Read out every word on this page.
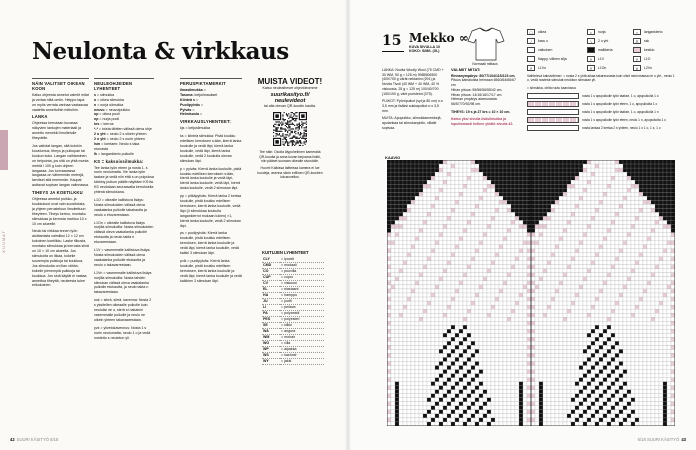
KUUMAT
Neulonta & virkkaus
NÄIN VALITSET OIKEAN KOON

Katso ohjeesta annetut valmiit mitat ja vertaa niitä omiin. Helppo tapa on myös verrata vanhaa vastaavaa vaatetta annettuihin mittoihin.

LANKA

Ohjeessa kerrotaan kuvassa näkyvien lankojen materiaali ja annettu menekki ilmoitetulle tiheydelle.

Jos vaihdat langan, sitä kuinkin koostumus, tiheys ja pulkupan tai koukun koko. Langan vaihtaminen on helpointa, jos sitä on yhtä monta metriä / 100 g kuin ohjeen langassa. Jos korvaavassa langassa on vähemmän metrejä, tarvitset sitä enemmän. Kaupat auttavat sopivan langan valinnassa.

TIHEYS JA KOETILKKU

Ohjeessa annetut puikko- ja koukkukoot ovat vain suosituksia, ja yhjeen perusteluun ilmoitettuun tiheyteen. Tiheys kertoo, montako silmukkaa ja kerrosta mahtuu 10 x 10 cm alueelle.

Neulo tai virkkaa ennen työn aloittamista valmiiksi 12 × 12 cm kokoinen koetilkku. Laske tilkusta, montako silmukkaa ja kerrosta siinä on 10 × 10 cm alueella. Jos silmukoita on liikaa, kokeile suurempia puikkoja tai koukkua. Jos silmukoita on liian vähän, kokeile pienempiä puikkoja tai koukkua. Jos sinä käytät ei vastaa annettua tiheyttä, neuleesta tulee erikokoinen.

NEULEOHJEIDEN LYHENTEET
s = silmukka
o = oikea silmukka
n = nurja silmukka
neuvo = neuvotpuikko
op = oikea puoli
np = nurja puoli
krs = kerros
*-* = toista tähtien välissä oleva ohje
2 o yht = neulo 2 s oikein yhteen
2 n yht = neulo 2 s nurin yhteen
lsm = loertaen: Neulo s taka reunasta

lk = langankierto puikolle

KS = kaksoissilmukka:

Tee lanka työn eteen ja nosta 1. s nurin neulomatta. Vie lanka työn taakse ja vedä niin että s on pulpuksa kärkiny puikon päälle näyttäen KS:lta. KS neulotaan seuraavalla kerroksella yhtenä silmukkana.

L1O = oikealle kallistuva lisäys: Nosta silmukoiden välissä oleva vaakalanka puikolle takakautta ja neulo o etuvarrestaan.

L1On = oikealle kallistuva lisäys nurjilla silmukoilla: Nosta silmukoiden välissä oleva vaakalanka puikolle etukautta ja neulo takta n etuvarrestaan.

L1V = vasemmalle kallistuva lisäys: Nosta silmukoiden välissä oleva vaakalanka puikolle etukautta ja neulo o takavarrestaan.

L1Vn = vasemmalle kallistuva lisäys nurjilla silmukoilla: Nosta tahdén silmukan välissä oleva vaakalanka puikolle etukautta, ja neulo takta n takavarrestaan.

sok = siirrä, siirrä, kavenna: Nosta 2 s yksitellen oikeaalle puikolle kuin neululisi ne o, siirrä s:t takaisin vasemmalle puikolle ja neulo ne oikein yhteen takavaarestaan.

yvk = ylivetokavennus: Nosta 1 s nurin neulomatta, neulo 1 o ja vedä nostettu s neulotun yli.

PERUSPIKTAMERKIT
Ilmasilmukka =
Tasona: ketjuilmaukset
Kiinteä s =
Puolipylväs =
Pylväs =

Helmisusla =

VIRKKAUSLYHENTEET:

kjs = ketjusilmukka

ks = kiinteä silmukka: Pistä koukku edellisen kerroksen s:ään, kierrä lanka koukulle ja vedä läpi, kierrä lanka koukulle, vedä läpi, kierrä lanka koukulle, vedä 2 koukulla olevan silmukan läpi.

p = pylväs: Kierrä lanka koukulle, pistä koukku edellisen kerroksen s:ään, kierrä lanka koukulle ja vedä läpi, kierrä lanka koukulle, vedä läpi, kierrä lanka koukulle, vedä 2 silmukan läpi.

pp = pitkäpylväs: Kierrä lanka 2 kertaa koukulle, pistä koukku edellisen kerroksen, kierrä lanka koukulle, vedä läpi (4 silmukkaa koukulla langankierrot mukaan lukien) ×1, kierrä lanka koukulle, vedä 2 silmukan läpi.

ps = puolipylväs: Kierrä lanka koukulle, pistä koukku edellisen kerroksen, kierrä lanka koukulle ja vedä läpi, kierrä lanka koukulle, vedä kaikki 3 silmukan läpi.

pvlk = puolipylväs: Kierrä lanka koukulle, pistä koukku edellisen kerroksen, kierrä lanka koukulle ja vedä läpi, kierrä lanka koukulle ja vedä kaikkien 3 silmukan läpi.

MUISTA VIDEOT!
Katso neuleaiheset ohjevideomme
suurikasityo.fi/ neulevideot
tai alla olevan QR-koodin kautta.
Tee näin: Osoita älypuhelimen kameralla QR-koodia ja anna kuvan tarjoama linkki, niin pääset suoraan oikealle sivustolle.
Huom! Kaikissa laitteissa kamera ei lue koodeja, asenna siloin erillinen QR-koodien lukusovellus.
KUITUJEN LYHENTEET
CLY	= lyocell
CMD	= modaali
CO	= puuvilla
CUP	= cupro
CV	= viskoosi
EL	= elastaani
HA	= hamppu
JU	= juutti
LI	= pellava
PA	= polyamidi
PES	= polyesteri
SE	= silkki
WA	= angora
WM	= mohair
WO	= villa
WP	= alpakka
WS	= kashmir
WY	= jakki
42 SUURI KÄSITYÖ 6/18
15 Mekko ∞
KUVA SIVULLA 10
KOKO: S/M/L (XL)
Normaali mittaus

LANKA: Novita Woolly Wool (75 CMD + 30 WM, 50 g = 125 m) 9985506500 (400/700 g värät nektariini (291) ja Novita Tivoli (40 WM + 40 WM, 40 % viskoosia, 25 g = 125 m) 100/40/700 (150/190 g, värit puristetut (375).

PUIKOT: Pyöröpuikot (syt ja 80 cm) n:o 3,5 mm ja lisäksi sukkapuikot n:o 3,5 mm.

MUITA: Apupuikko, silmukkamerkkejä, apulankaa tai silmukanpidin, villalle sopivaa.

VALMIIT MITAT:
Rinnanympärys: 80/77/104/115/123 cm.
Pituus kainaloista helmaan 6560/64/66/67 cm
Hihan pituus: 55/56/56/55/42 cm.
Hihan pituus: 14/16/16/17/17 cm.

Helman ympärys alareunasta: 56/57/70/92/98 cm.

TIHEYS: 19 s ja 27 krs = 10 × 10 cm.

Katso yksi sivulla lisäsilmukka ja loputtomasti hetken yhtälö sivulla 42.

□	oikea	•	nurja	○	langankierto
/	kavu o	\	2 o yht	⋀	ssk
valkoinen	mallikerta	kesikio
Nappy, villinen silja	Y	L1V	Y	L1O
Y	L1Vn	Y	L1On	V	L2Vn
Vaihteleva kaksivärinen: = nosta 2 s yhtä aikaa takareunasta kuin olisit neulomassa ne o yht., neulo 1 o, vedä nostetut silmukat neulotun silmukan yli.
= silmukka, ohita ruutu kaaviossa
nosta 1 s apupuikolle työn taakse, 1 o, apupuikolla 1 o
nosta 1 s apupuikolle työn eteen, 1 o, apupuikolta 1 o
nosta 1 s apupuikolle työn taakse, 1 o, apupuikolla 1 n
nosta 1 s apupuikolle työn eteen, neulo 1 n, apupuikolta 1 o
nosta lankaa 2 kertaa 2 s yhteen, neulo 1 o 1 o, 1 s, 1 o
KAAVIO
6/18 SUURI KÄSITYÖ 43
